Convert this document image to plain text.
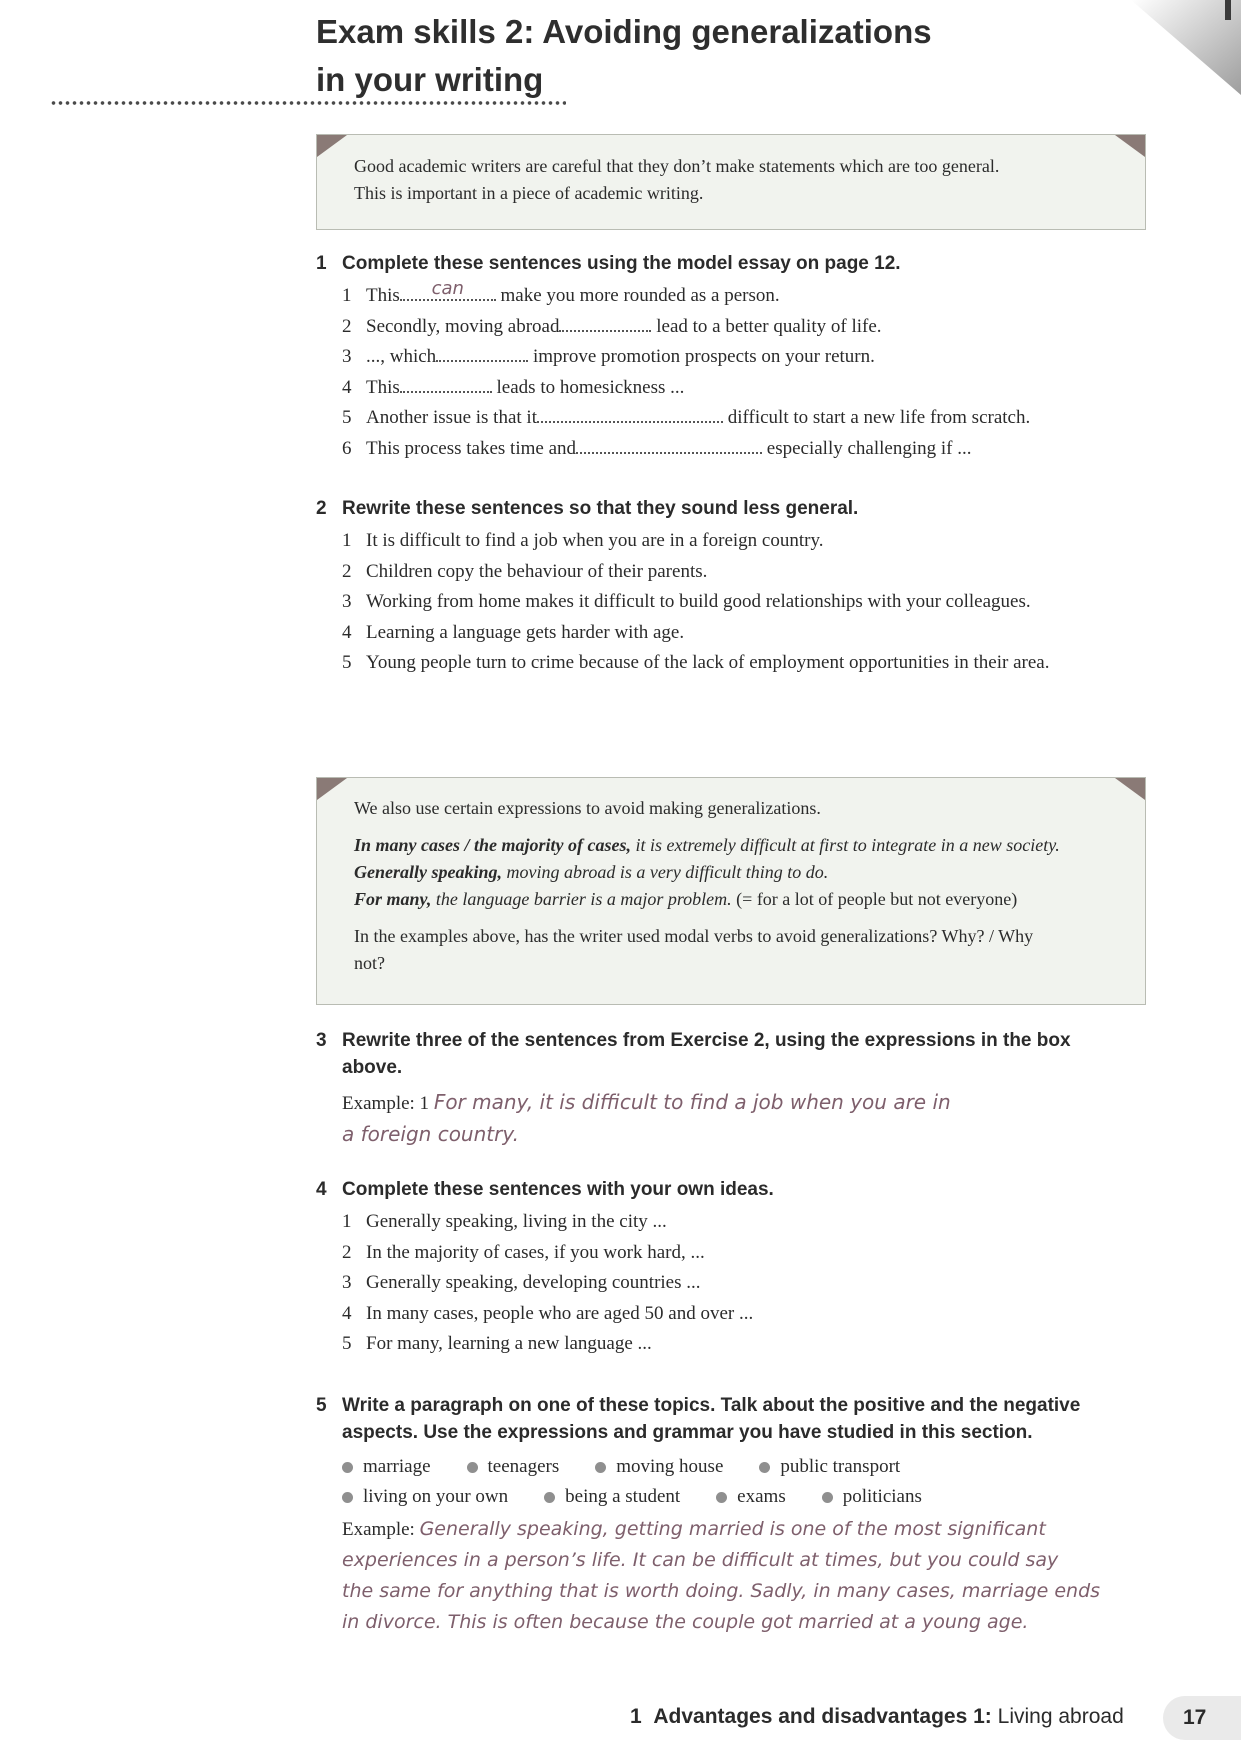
Exam skills 2: Avoiding generalizations
in your writing

Good academic writers are careful that they don’t make statements which are too general.

This is important in a piece of academic writing.

1 Complete these sentences using the model essay on page 12.
1 This	can	make you more rounded as a person.
2 Secondly, moving abroad	lead to a better quality of life.
3 ..., which	improve promotion prospects on your return.
4 This	leads to homesickness ...
5 Another issue is that it	difficult to start a new life from scratch.
6 This process takes time and	especially challenging if ...
2 Rewrite these sentences so that they sound less general.
1 It is difficult to find a job when you are in a foreign country.
2 Children copy the behaviour of their parents.
3 Working from home makes it difficult to build good relationships with your colleagues.
4 Learning a language gets harder with age.
5 Young people turn to crime because of the lack of employment opportunities in their area.

We also use certain expressions to avoid making generalizations.

In many cases / the majority of cases, it is extremely difficult at first to integrate in a new society.

Generally speaking, moving abroad is a very difficult thing to do.

For many, the language barrier is a major problem. (= for a lot of people but not everyone)

In the examples above, has the writer used modal verbs to avoid generalizations? Why? / Why not?

3 Rewrite three of the sentences from Exercise 2, using the expressions in the box above.
Example: 1 For many, it is difficult to find a job when you are in
a foreign country.
4 Complete these sentences with your own ideas.
1 Generally speaking, living in the city ...
2 In the majority of cases, if you work hard, ...
3 Generally speaking, developing countries ...
4 In many cases, people who are aged 50 and over ...
5 For many, learning a new language ...
5 Write a paragraph on one of these topics. Talk about the positive and the negative aspects. Use the expressions and grammar you have studied in this section.
marriage	teenagers	moving house	public transport
living on your own	being a student	exams	politicians
Example: Generally speaking, getting married is one of the most significant
experiences in a person’s life. It can be difficult at times, but you could say
the same for anything that is worth doing. Sadly, in many cases, marriage ends
in divorce. This is often because the couple got married at a young age.
1 Advantages and disadvantages 1: Living abroad	17
